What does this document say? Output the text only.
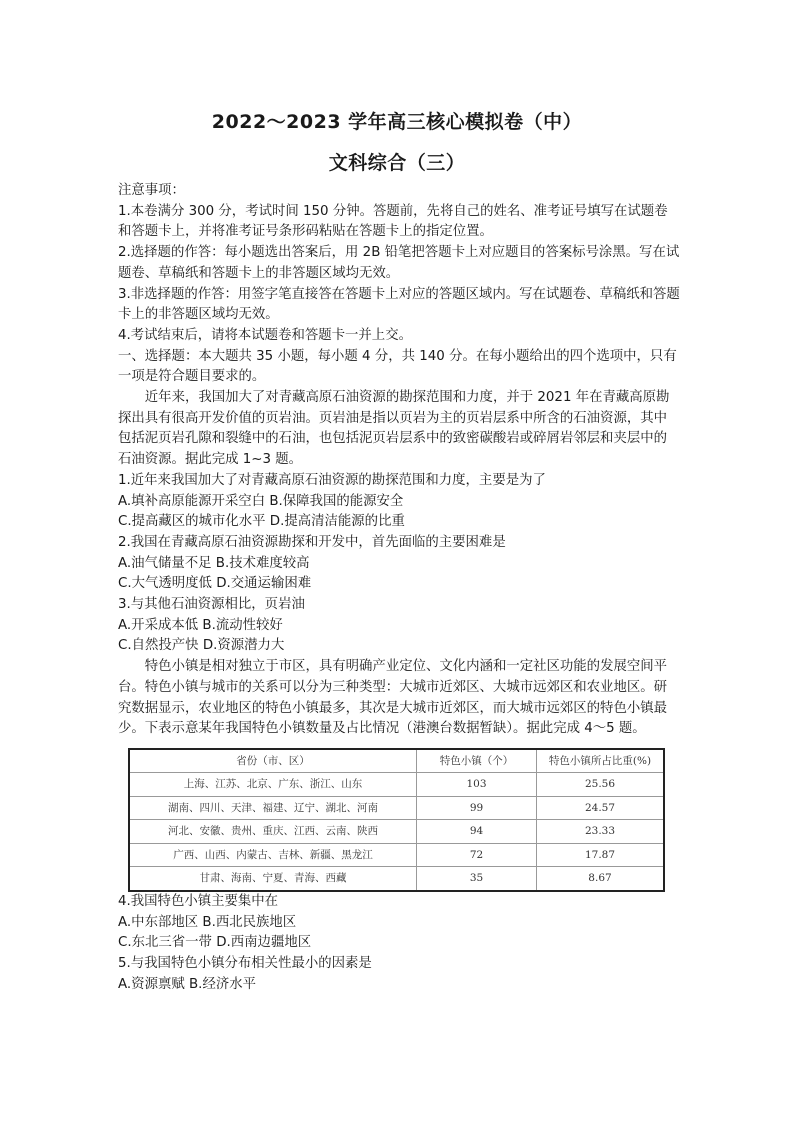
2022～2023 学年高三核心模拟卷（中）
文科综合（三）

注意事项：

1.本卷满分 300 分，考试时间 150 分钟。答题前，先将自己的姓名、准考证号填写在试题卷和答题卡上，并将准考证号条形码粘贴在答题卡上的指定位置。

2.选择题的作答：每小题选出答案后，用 2B 铅笔把答题卡上对应题目的答案标号涂黑。写在试题卷、草稿纸和答题卡上的非答题区域均无效。

3.非选择题的作答：用签字笔直接答在答题卡上对应的答题区域内。写在试题卷、草稿纸和答题卡上的非答题区域均无效。

4.考试结束后，请将本试题卷和答题卡一并上交。

一、选择题：本大题共 35 小题，每小题 4 分，共 140 分。在每小题给出的四个选项中，只有一项是符合题目要求的。

近年来，我国加大了对青藏高原石油资源的勘探范围和力度，并于 2021 年在青藏高原勘探出具有很高开发价值的页岩油。页岩油是指以页岩为主的页岩层系中所含的石油资源，其中包括泥页岩孔隙和裂缝中的石油，也包括泥页岩层系中的致密碳酸岩或碎屑岩邻层和夹层中的石油资源。据此完成 1~3 题。

1.近年来我国加大了对青藏高原石油资源的勘探范围和力度，主要是为了

A.填补高原能源开采空白 B.保障我国的能源安全

C.提高藏区的城市化水平 D.提高清洁能源的比重

2.我国在青藏高原石油资源勘探和开发中，首先面临的主要困难是

A.油气储量不足 B.技术难度较高

C.大气透明度低 D.交通运输困难

3.与其他石油资源相比，页岩油

A.开采成本低 B.流动性较好

C.自然投产快 D.资源潜力大

特色小镇是相对独立于市区，具有明确产业定位、文化内涵和一定社区功能的发展空间平台。特色小镇与城市的关系可以分为三种类型：大城市近郊区、大城市远郊区和农业地区。研究数据显示，农业地区的特色小镇最多，其次是大城市近郊区，而大城市远郊区的特色小镇最少。下表示意某年我国特色小镇数量及占比情况（港澳台数据暂缺）。据此完成 4～5 题。

省份（市、区）	特色小镇（个）	特色小镇所占比重(%)
上海、江苏、北京、广东、浙江、山东	103	25.56
湖南、四川、天津、福建、辽宁、湖北、河南	99	24.57
河北、安徽、贵州、重庆、江西、云南、陕西	94	23.33
广西、山西、内蒙古、吉林、新疆、黑龙江	72	17.87
甘肃、海南、宁夏、青海、西藏	35	8.67

4.我国特色小镇主要集中在

A.中东部地区 B.西北民族地区

C.东北三省一带 D.西南边疆地区

5.与我国特色小镇分布相关性最小的因素是

A.资源禀赋 B.经济水平
